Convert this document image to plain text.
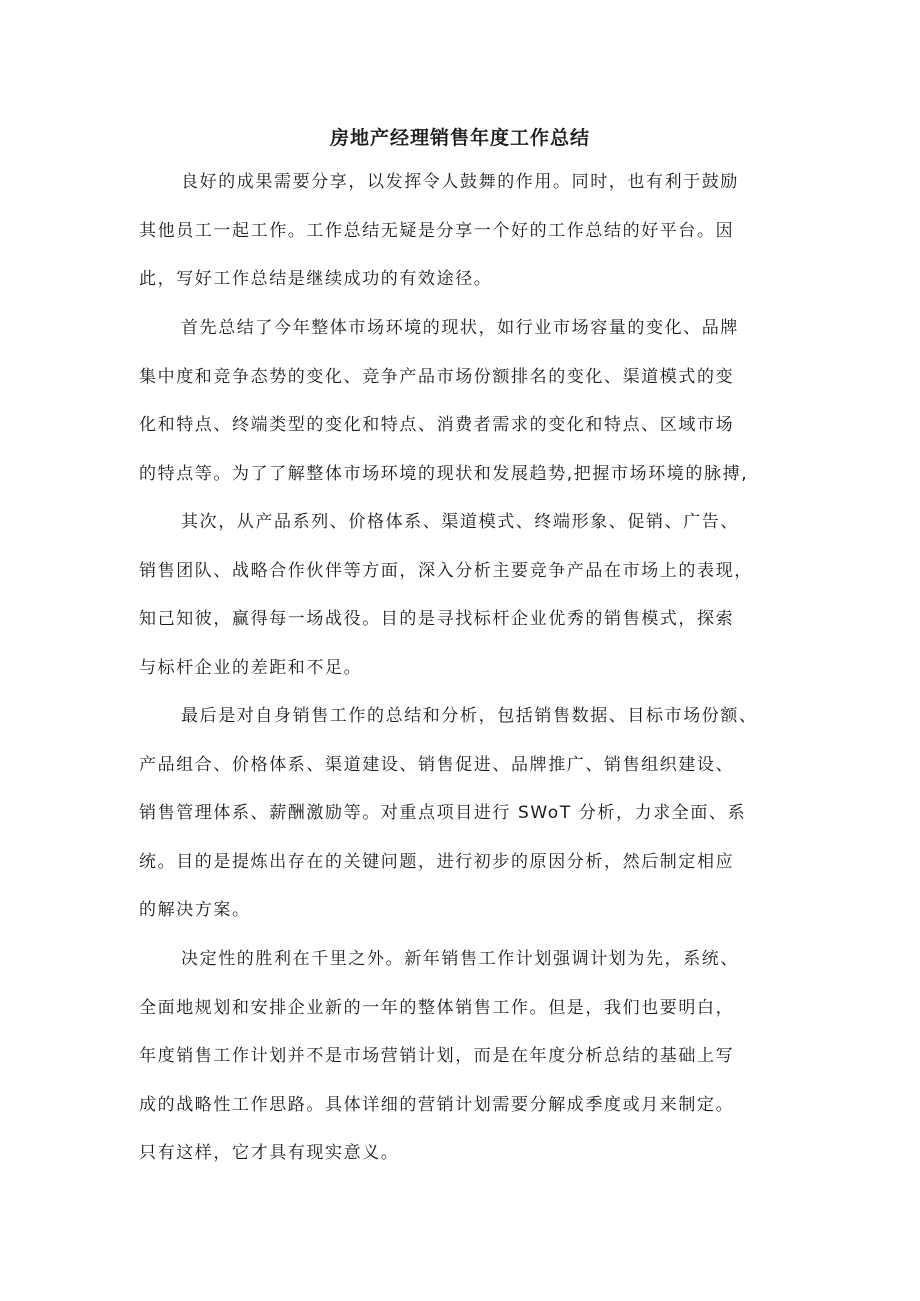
房地产经理销售年度工作总结
良好的成果需要分享，以发挥令人鼓舞的作用。同时，也有利于鼓励
其他员工一起工作。工作总结无疑是分享一个好的工作总结的好平台。因
此，写好工作总结是继续成功的有效途径。
首先总结了今年整体市场环境的现状，如行业市场容量的变化、品牌
集中度和竞争态势的变化、竞争产品市场份额排名的变化、渠道模式的变
化和特点、终端类型的变化和特点、消费者需求的变化和特点、区域市场
的特点等。为了了解整体市场环境的现状和发展趋势,把握市场环境的脉搏,
其次，从产品系列、价格体系、渠道模式、终端形象、促销、广告、
销售团队、战略合作伙伴等方面，深入分析主要竞争产品在市场上的表现，
知己知彼，赢得每一场战役。目的是寻找标杆企业优秀的销售模式，探索
与标杆企业的差距和不足。
最后是对自身销售工作的总结和分析，包括销售数据、目标市场份额、
产品组合、价格体系、渠道建设、销售促进、品牌推广、销售组织建设、
销售管理体系、薪酬激励等。对重点项目进行 SWoT 分析，力求全面、系
统。目的是提炼出存在的关键问题，进行初步的原因分析，然后制定相应
的解决方案。
决定性的胜利在千里之外。新年销售工作计划强调计划为先，系统、
全面地规划和安排企业新的一年的整体销售工作。但是，我们也要明白，
年度销售工作计划并不是市场营销计划，而是在年度分析总结的基础上写
成的战略性工作思路。具体详细的营销计划需要分解成季度或月来制定。
只有这样，它才具有现实意义。
